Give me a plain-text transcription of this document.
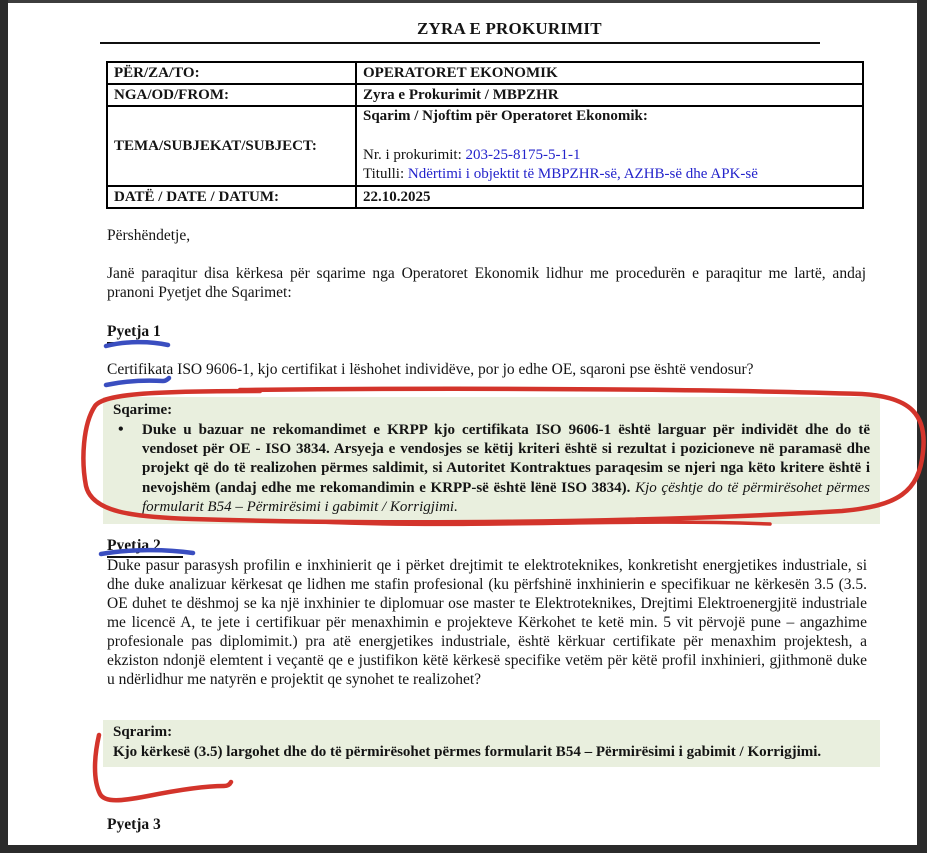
ZYRA E PROKURIMIT
PËR/ZA/TO:	OPERATORET EKONOMIK
NGA/OD/FROM:	Zyra e Prokurimit / MBPZHR
TEMA/SUBJEKAT/SUBJECT:	Sqarim / Njoftim për Operatoret Ekonomik:
Nr. i prokurimit: 203-25-8175-5-1-1
Titulli: Ndërtimi i objektit të MBPZHR-së, AZHB-së dhe APK-së

DATË / DATE / DATUM:	22.10.2025

Përshëndetje,

Janë paraqitur disa kërkesa për sqarime nga Operatoret Ekonomik lidhur me procedurën e paraqitur me lartë, andaj pranoni Pyetjet dhe Sqarimet:

Pyetja 1

Certifikata ISO 9606-1, kjo certifikat i lëshohet individëve, por jo edhe OE, sqaroni pse është vendosur?

Sqarime:
• Duke u bazuar ne rekomandimet e KRPP kjo certifikata ISO 9606-1 është larguar për individët dhe do të vendoset për OE - ISO 3834. Arsyeja e vendosjes se këtij kriteri është si rezultat i pozicioneve në paramasë dhe projekt që do të realizohen përmes saldimit, si Autoritet Kontraktues paraqesim se njeri nga këto kritere është i nevojshëm (andaj edhe me rekomandimin e KRPP-së është lënë ISO 3834). Kjo çështje do të përmirësohet përmes formularit B54 – Përmirësimi i gabimit / Korrigjimi.

Pyetja 2

Duke pasur parasysh profilin e inxhinierit qe i përket drejtimit te elektroteknikes, konkretisht energjetikes industriale, si dhe duke analizuar kërkesat qe lidhen me stafin profesional (ku përfshinë inxhinierin e specifikuar ne kërkesën 3.5 (3.5. OE duhet te dëshmoj se ka një inxhinier te diplomuar ose master te Elektroteknikes, Drejtimi Elektroenergjitë industriale me licencë A, te jete i certifikuar për menaxhimin e projekteve Kërkohet te ketë min. 5 vit përvojë pune – angazhime profesionale pas diplomimit.) pra atë energjetikes industriale, është kërkuar certifikate për menaxhim projektesh, a ekziston ndonjë elemtent i veçantë qe e justifikon këtë kërkesë specifike vetëm për këtë profil inxhinieri, gjithmonë duke u ndërlidhur me natyrën e projektit qe synohet te realizohet?

Sqrarim:

Kjo kërkesë (3.5) largohet dhe do të përmirësohet përmes formularit B54 – Përmirësimi i gabimit / Korrigjimi.

Pyetja 3
